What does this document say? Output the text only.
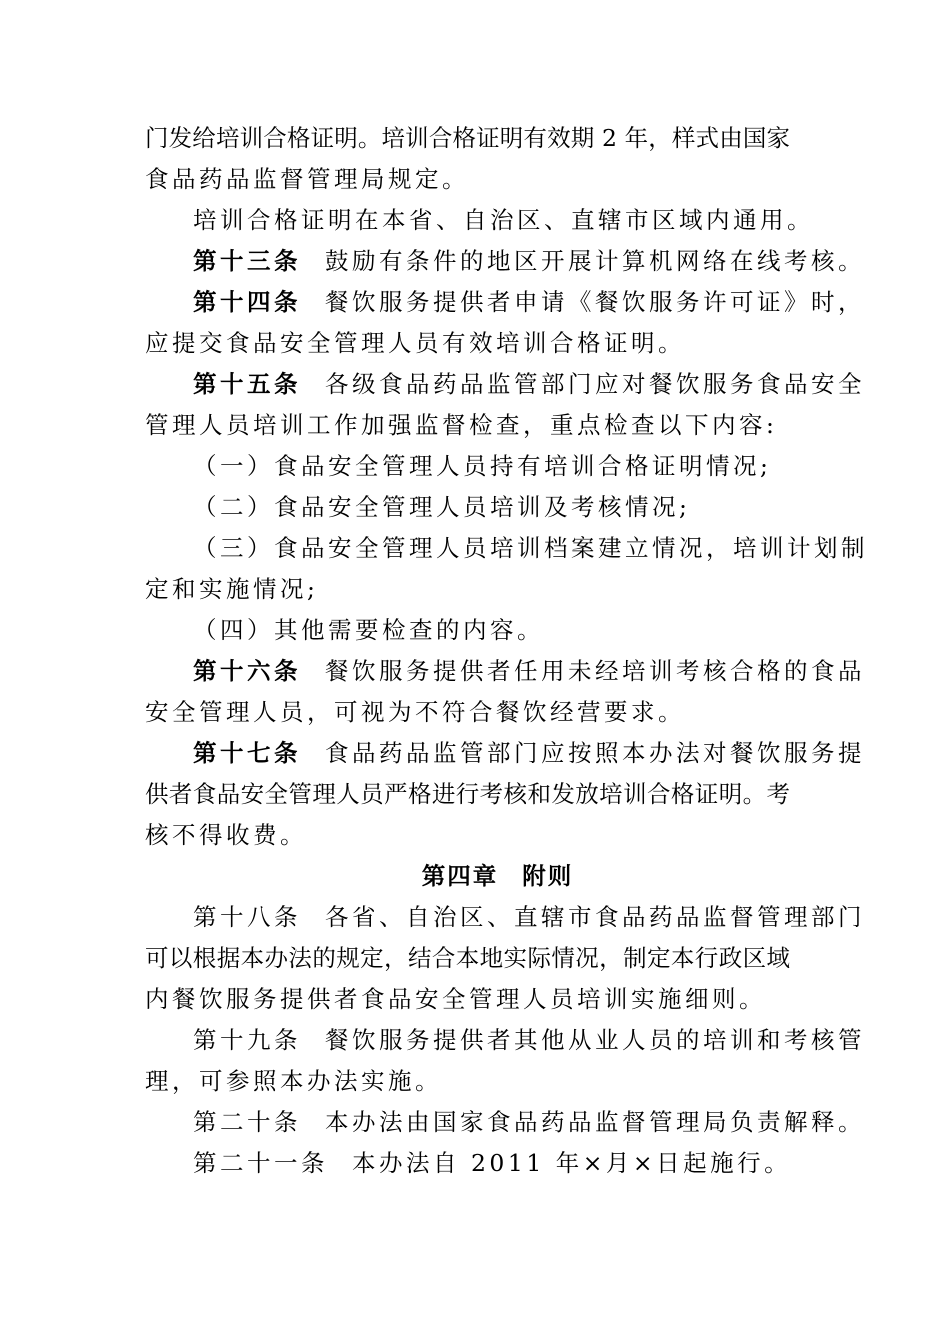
门发给培训合格证明。培训合格证明有效期 2 年，样式由国家
食品药品监督管理局规定。
培训合格证明在本省、自治区、直辖市区域内通用。
第十三条 鼓励有条件的地区开展计算机网络在线考核。
第十四条 餐饮服务提供者申请《餐饮服务许可证》时，
应提交食品安全管理人员有效培训合格证明。
第十五条 各级食品药品监管部门应对餐饮服务食品安全
管理人员培训工作加强监督检查，重点检查以下内容:
（一）食品安全管理人员持有培训合格证明情况;
（二）食品安全管理人员培训及考核情况;
（三）食品安全管理人员培训档案建立情况，培训计划制
定和实施情况;
（四）其他需要检查的内容。
第十六条 餐饮服务提供者任用未经培训考核合格的食品
安全管理人员，可视为不符合餐饮经营要求。
第十七条 食品药品监管部门应按照本办法对餐饮服务提
供者食品安全管理人员严格进行考核和发放培训合格证明。考
核不得收费。
第四章 附则
第十八条 各省、自治区、直辖市食品药品监督管理部门
可以根据本办法的规定，结合本地实际情况，制定本行政区域
内餐饮服务提供者食品安全管理人员培训实施细则。
第十九条 餐饮服务提供者其他从业人员的培训和考核管
理，可参照本办法实施。
第二十条 本办法由国家食品药品监督管理局负责解释。
第二十一条 本办法自 2011 年×月×日起施行。
